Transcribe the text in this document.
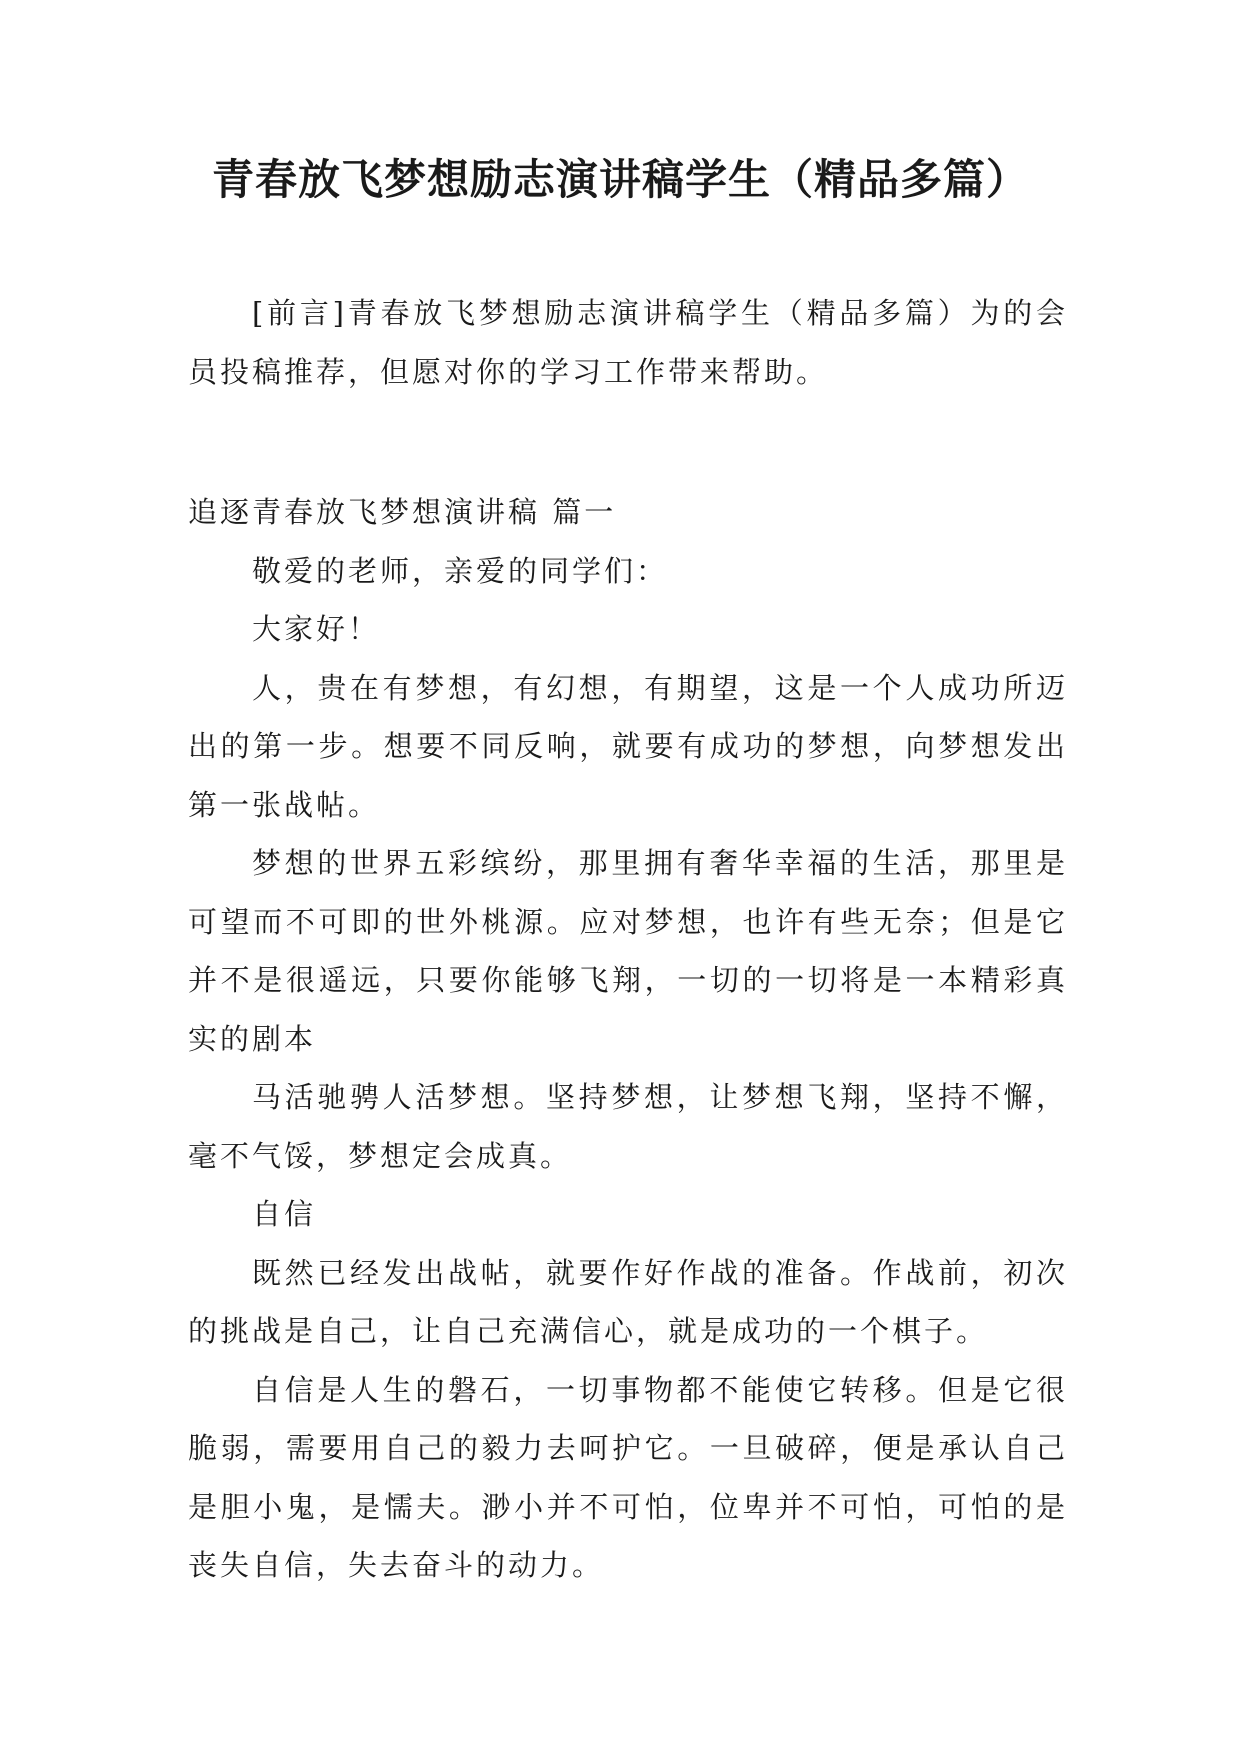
青春放飞梦想励志演讲稿学生（精品多篇）

[前言]青春放飞梦想励志演讲稿学生（精品多篇）为的会员投稿推荐，但愿对你的学习工作带来帮助。

追逐青春放飞梦想演讲稿 篇一

敬爱的老师，亲爱的同学们：

大家好！

人，贵在有梦想，有幻想，有期望，这是一个人成功所迈出的第一步。想要不同反响，就要有成功的梦想，向梦想发出第一张战帖。

梦想的世界五彩缤纷，那里拥有奢华幸福的生活，那里是可望而不可即的世外桃源。应对梦想，也许有些无奈；但是它并不是很遥远，只要你能够飞翔，一切的一切将是一本精彩真实的剧本

马活驰骋人活梦想。坚持梦想，让梦想飞翔，坚持不懈，毫不气馁，梦想定会成真。

自信

既然已经发出战帖，就要作好作战的准备。作战前，初次的挑战是自己，让自己充满信心，就是成功的一个棋子。

自信是人生的磐石，一切事物都不能使它转移。但是它很脆弱，需要用自己的毅力去呵护它。一旦破碎，便是承认自己是胆小鬼，是懦夫。渺小并不可怕，位卑并不可怕，可怕的是丧失自信，失去奋斗的动力。
